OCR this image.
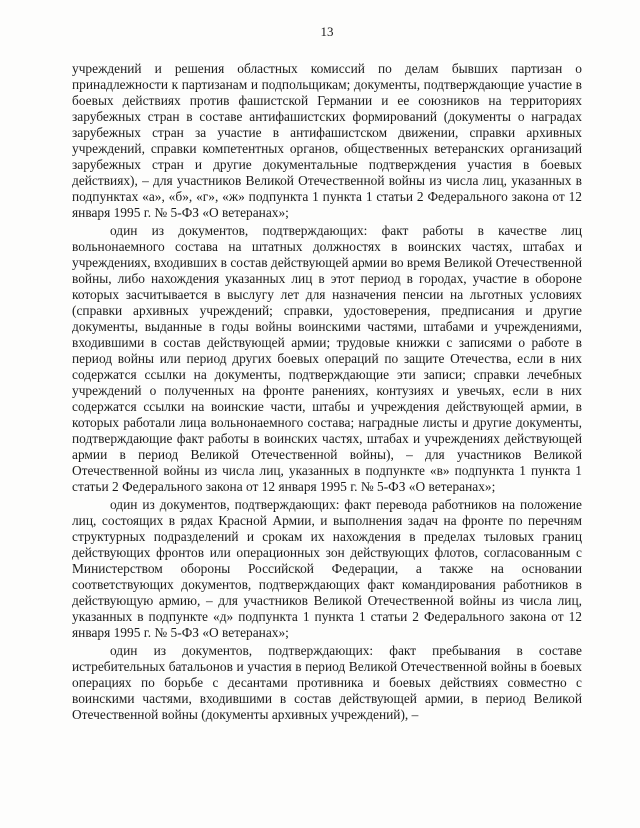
13

учреждений и решения областных комиссий по делам бывших партизан о принадлежности к партизанам и подпольщикам; документы, подтверждающие участие в боевых действиях против фашистской Германии и ее союзников на территориях зарубежных стран в составе антифашистских формирований (документы о наградах зарубежных стран за участие в антифашистском движении, справки архивных учреждений, справки компетентных органов, общественных ветеранских организаций зарубежных стран и другие документальные подтверждения участия в боевых действиях), – для участников Великой Отечественной войны из числа лиц, указанных в подпунктах «а», «б», «г», «ж» подпункта 1 пункта 1 статьи 2 Федерального закона от 12 января 1995 г. № 5-ФЗ «О ветеранах»;

один из документов, подтверждающих: факт работы в качестве лиц вольнонаемного состава на штатных должностях в воинских частях, штабах и учреждениях, входивших в состав действующей армии во время Великой Отечественной войны, либо нахождения указанных лиц в этот период в городах, участие в обороне которых засчитывается в выслугу лет для назначения пенсии на льготных условиях (справки архивных учреждений; справки, удостоверения, предписания и другие документы, выданные в годы войны воинскими частями, штабами и учреждениями, входившими в состав действующей армии; трудовые книжки с записями о работе в период войны или период других боевых операций по защите Отечества, если в них содержатся ссылки на документы, подтверждающие эти записи; справки лечебных учреждений о полученных на фронте ранениях, контузиях и увечьях, если в них содержатся ссылки на воинские части, штабы и учреждения действующей армии, в которых работали лица вольнонаемного состава; наградные листы и другие документы, подтверждающие факт работы в воинских частях, штабах и учреждениях действующей армии в период Великой Отечественной войны), – для участников Великой Отечественной войны из числа лиц, указанных в подпункте «в» подпункта 1 пункта 1 статьи 2 Федерального закона от 12 января 1995 г. № 5-ФЗ «О ветеранах»;

один из документов, подтверждающих: факт перевода работников на положение лиц, состоящих в рядах Красной Армии, и выполнения задач на фронте по перечням структурных подразделений и срокам их нахождения в пределах тыловых границ действующих фронтов или операционных зон действующих флотов, согласованным с Министерством обороны Российской Федерации, а также на основании соответствующих документов, подтверждающих факт командирования работников в действующую армию, – для участников Великой Отечественной войны из числа лиц, указанных в подпункте «д» подпункта 1 пункта 1 статьи 2 Федерального закона от 12 января 1995 г. № 5-ФЗ «О ветеранах»;

один из документов, подтверждающих: факт пребывания в составе истребительных батальонов и участия в период Великой Отечественной войны в боевых операциях по борьбе с десантами противника и боевых действиях совместно с воинскими частями, входившими в состав действующей армии, в период Великой Отечественной войны (документы архивных учреждений), –
